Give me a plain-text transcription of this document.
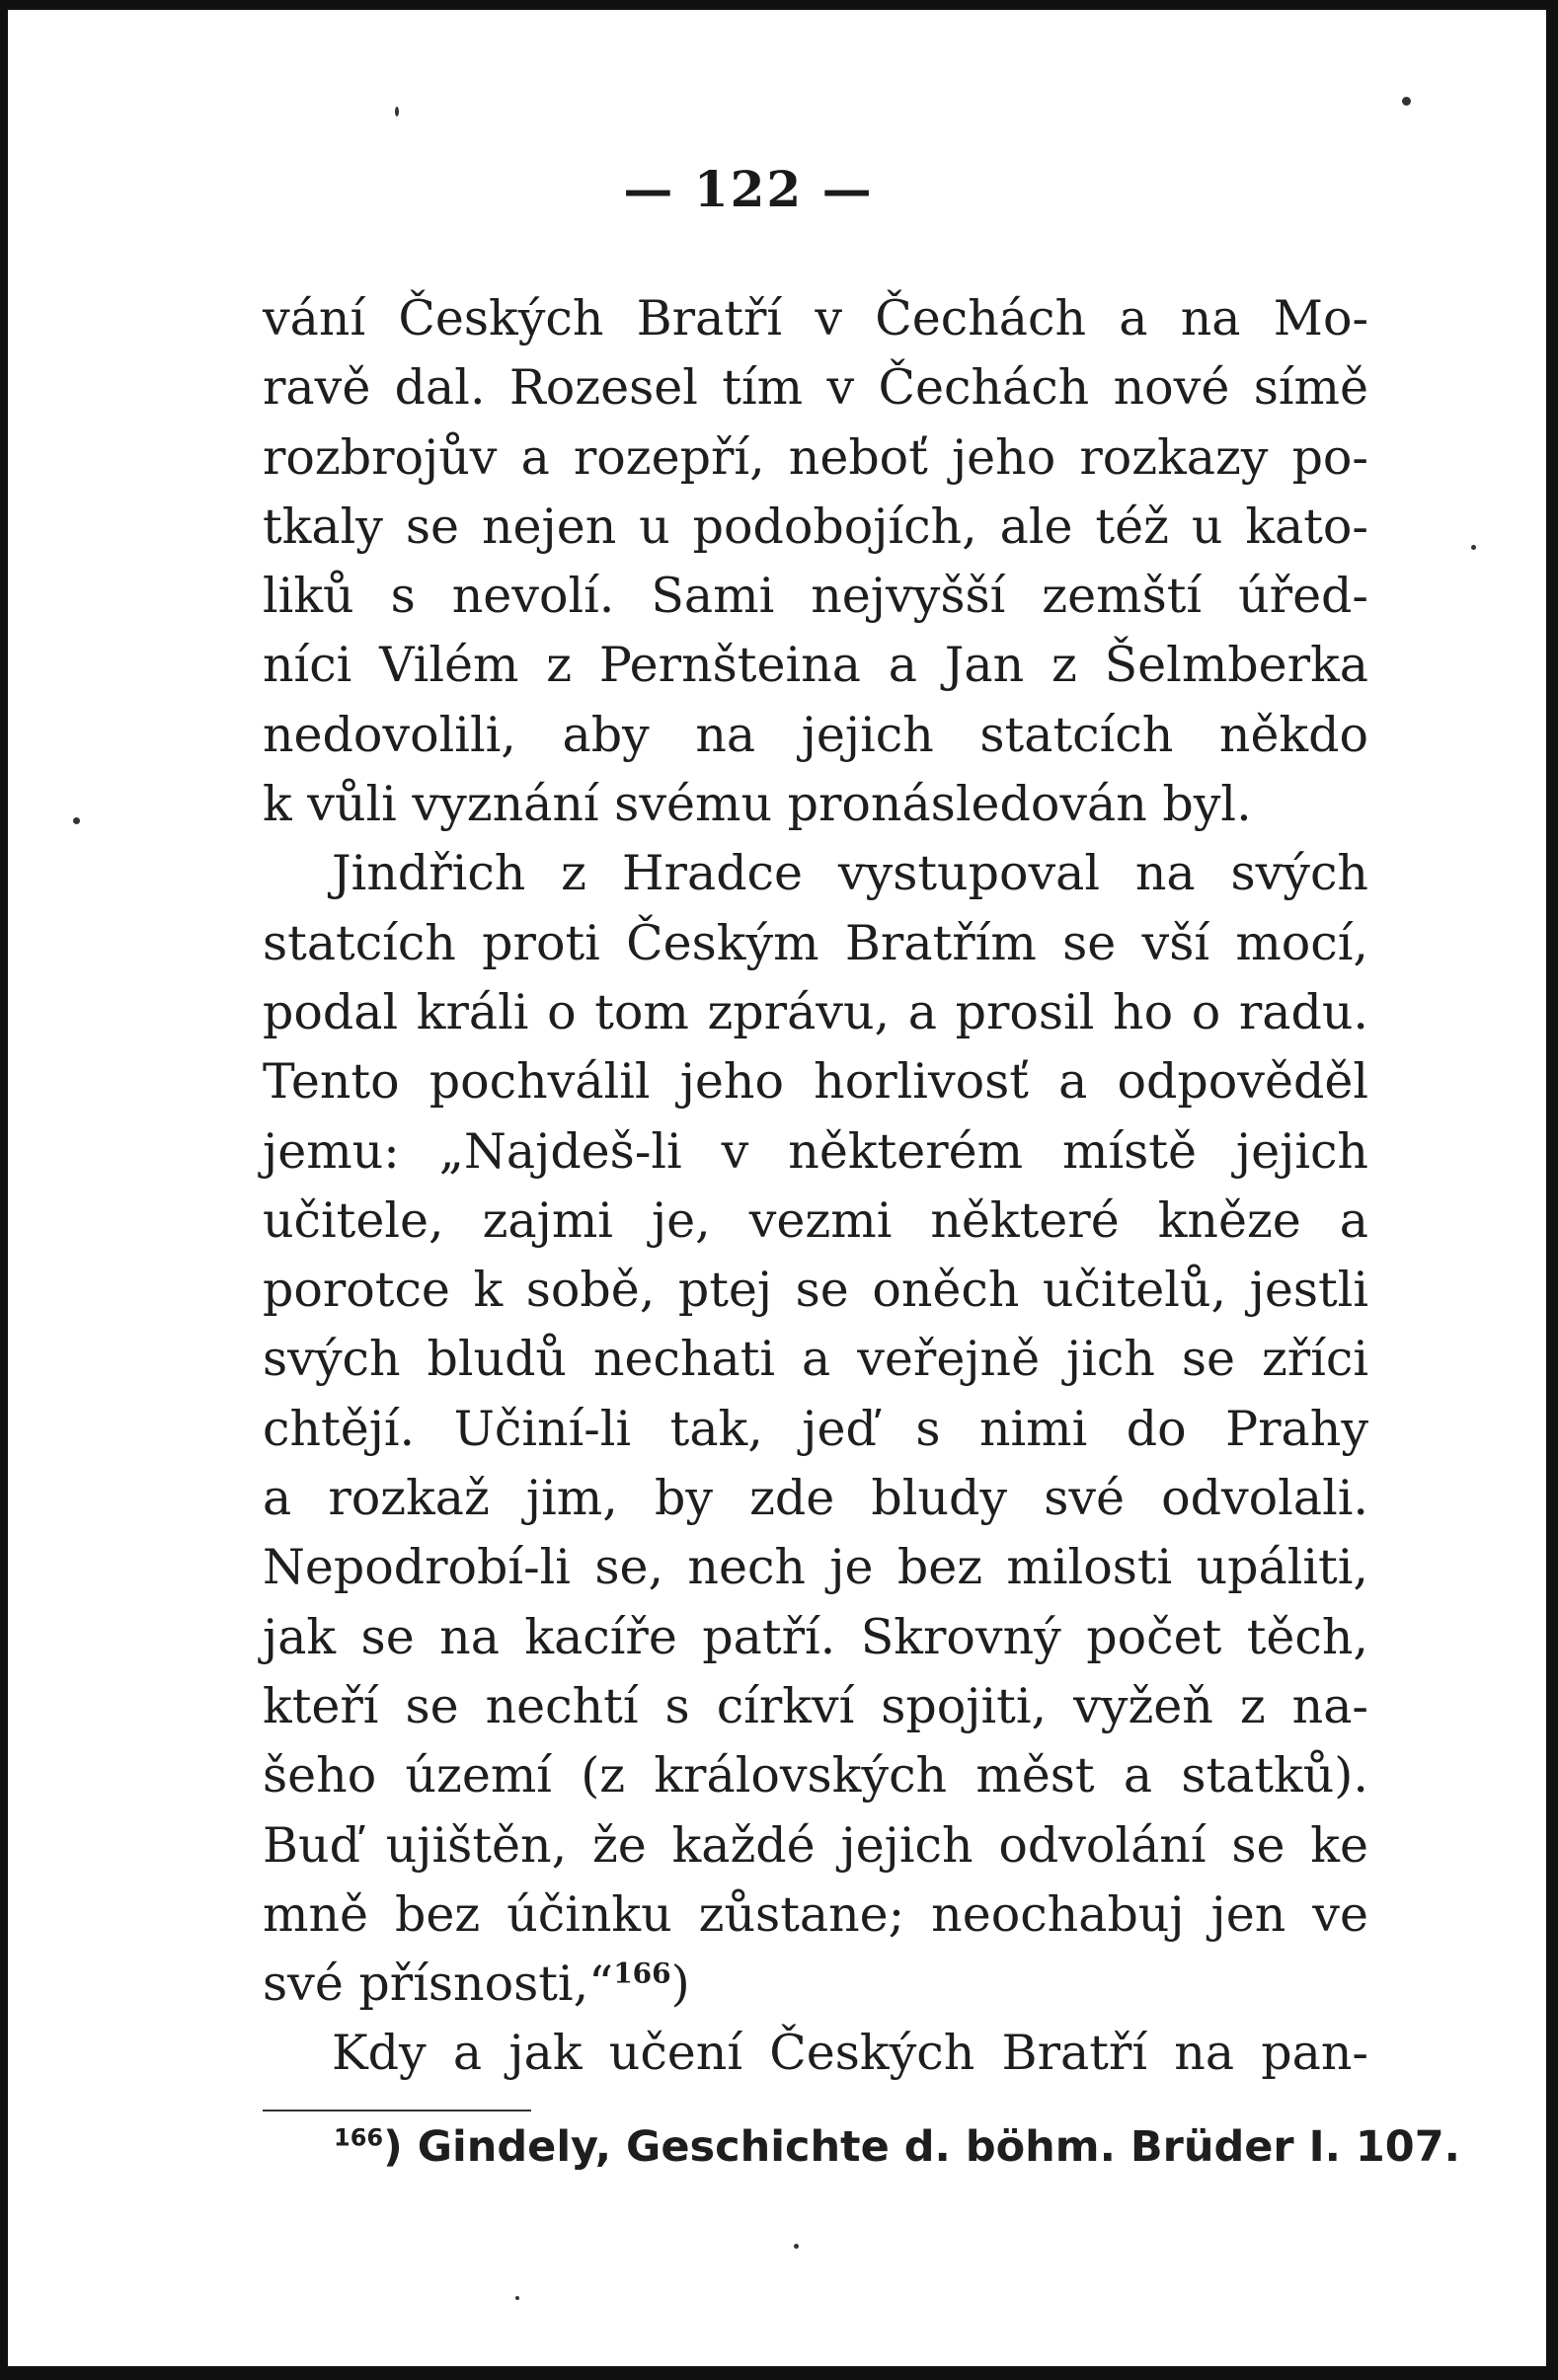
— 122 —
vání Českých Bratří v Čechách a na Mo-
ravě dal. Rozesel tím v Čechách nové símě
rozbrojův a rozepří, neboť jeho rozkazy po-
tkaly se nejen u podobojích, ale též u kato-
liků s nevolí. Sami nejvyšší zemští úřed-
níci Vilém z Pernšteina a Jan z Šelmberka
nedovolili, aby na jejich statcích někdo
k vůli vyznání svému pronásledován byl.
Jindřich z Hradce vystupoval na svých
statcích proti Českým Bratřím se vší mocí,
podal králi o tom zprávu, a prosil ho o radu.
Tento pochválil jeho horlivosť a odpověděl
jemu: „Najdeš-li v některém místě jejich
učitele, zajmi je, vezmi některé kněze a
porotce k sobě, ptej se oněch učitelů, jestli
svých bludů nechati a veřejně jich se zříci
chtějí. Učiní-li tak, jeď s nimi do Prahy
a rozkaž jim, by zde bludy své odvolali.
Nepodrobí-li se, nech je bez milosti upáliti,
jak se na kacíře patří. Skrovný počet těch,
kteří se nechtí s církví spojiti, vyžeň z na-
šeho území (z královských měst a statků).
Buď ujištěn, že každé jejich odvolání se ke
mně bez účinku zůstane; neochabuj jen ve
své přísnosti,“$^{166}$)
Kdy a jak učení Českých Bratří na pan-
$^{166}$) Gindely, Geschichte d. böhm. Brüder I. 107.
